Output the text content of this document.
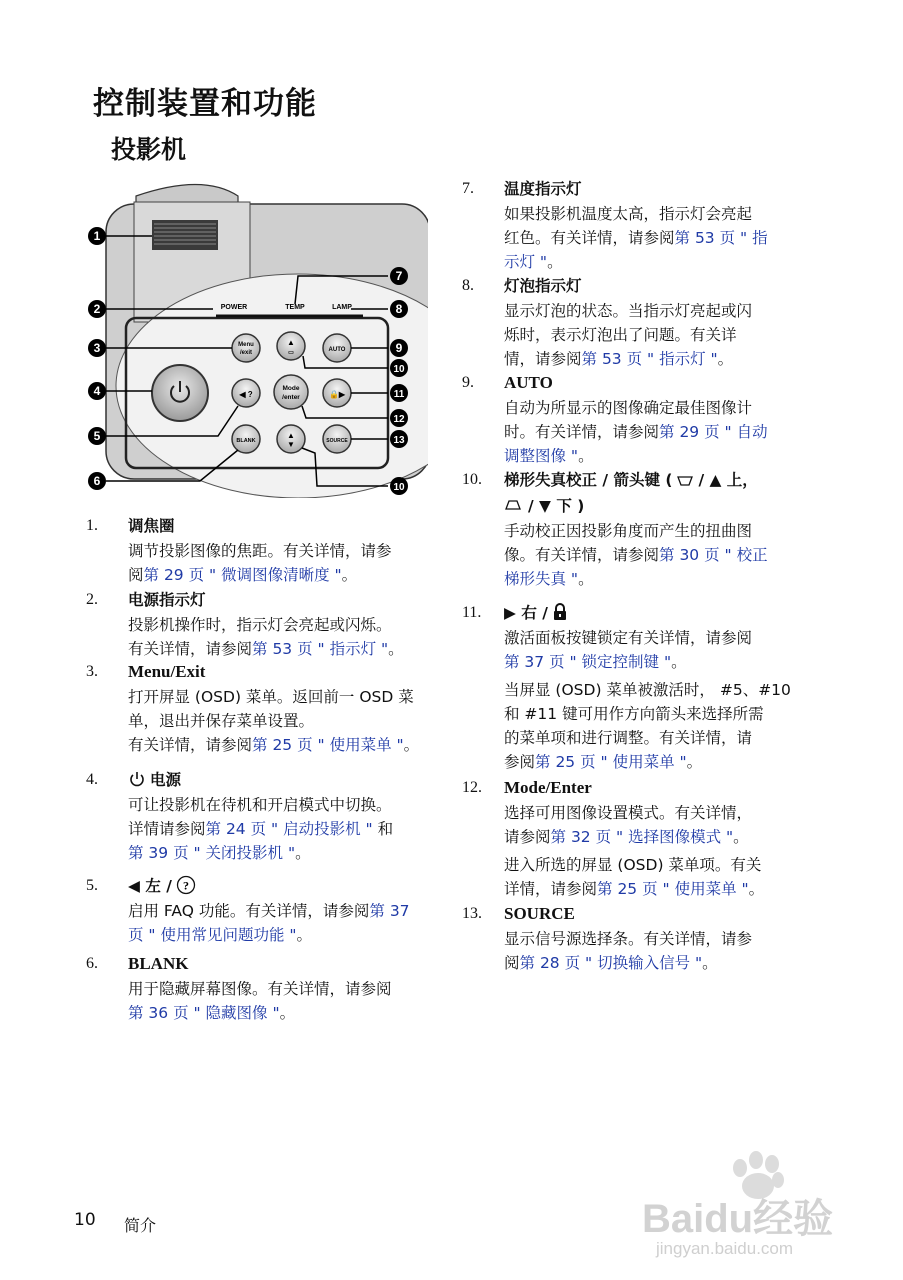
控制装置和功能
投影机
POWER	TEMP	LAMP
Menu
/exit
▲
▭	AUTO
◀ ?
Mode
/enter	🔒▶
BLANK
▲
▼	SOURCE
1
2
3
4
5
6
7
8
9
10
11
12
13
10
1. 调焦圈
调节投影图像的焦距。有关详情，请参
阅第 29 页 " 微调图像清晰度 "。
2. 电源指示灯
投影机操作时，指示灯会亮起或闪烁。
有关详情，请参阅第 53 页 " 指示灯 "。
3. Menu/Exit
打开屏显 (OSD) 菜单。返回前一 OSD 菜
单，退出并保存菜单设置。
有关详情，请参阅第 25 页 " 使用菜单 "。
4.	电源
可让投影机在待机和开启模式中切换。
详情请参阅第 24 页 " 启动投影机 " 和
第 39 页 " 关闭投影机 "。
5. ◀ 左 / ?
启用 FAQ 功能。有关详情，请参阅第 37
页 " 使用常见问题功能 "。
6. BLANK
用于隐藏屏幕图像。有关详情，请参阅
第 36 页 " 隐藏图像 "。
7. 温度指示灯
如果投影机温度太高，指示灯会亮起
红色。有关详情，请参阅第 53 页 " 指
示灯 "。
8. 灯泡指示灯
显示灯泡的状态。当指示灯亮起或闪
烁时，表示灯泡出了问题。有关详
情，请参阅第 53 页 " 指示灯 "。
9. AUTO
自动为所显示的图像确定最佳图像计
时。有关详情，请参阅第 29 页 " 自动
调整图像 "。
10. 梯形失真校正 / 箭头键 ( / ▲ 上，
/ ▼ 下 )
手动校正因投影角度而产生的扭曲图
像。有关详情，请参阅第 30 页 " 校正
梯形失真 "。
11. ▶ 右 /
激活面板按键锁定有关详情，请参阅
第 37 页 " 锁定控制键 "。
当屏显 (OSD) 菜单被激活时， #5、#10
和 #11 键可用作方向箭头来选择所需
的菜单项和进行调整。有关详情，请
参阅第 25 页 " 使用菜单 "。
12. Mode/Enter
选择可用图像设置模式。有关详情，
请参阅第 32 页 " 选择图像模式 "。
进入所选的屏显 (OSD) 菜单项。有关
详情，请参阅第 25 页 " 使用菜单 "。
13. SOURCE
显示信号源选择条。有关详情，请参
阅第 28 页 " 切换输入信号 "。
10 简介	Baidu经验
jingyan.baidu.com
